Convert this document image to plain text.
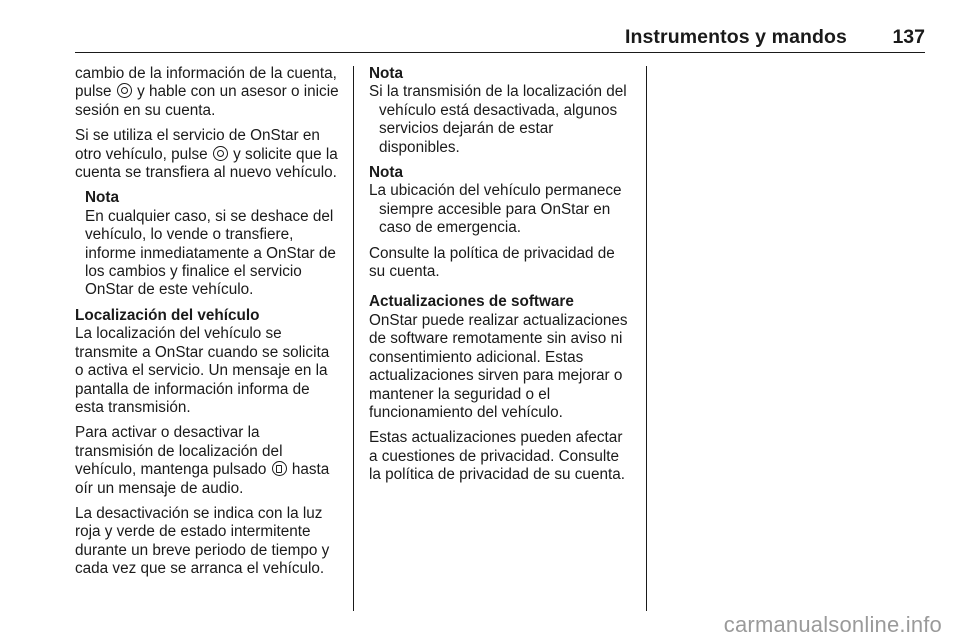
Instrumentos y mandos 137

cambio de la información de la cuenta, pulse  y hable con un asesor o inicie sesión en su cuenta.

Si se utiliza el servicio de OnStar en otro vehículo, pulse  y solicite que la cuenta se transfiera al nuevo vehículo.

Nota

En cualquier caso, si se deshace del vehículo, lo vende o transfiere, informe inmediatamente a OnStar de los cambios y finalice el servicio OnStar de este vehículo.

Localización del vehículo

La localización del vehículo se transmite a OnStar cuando se solicita o activa el servicio. Un mensaje en la pantalla de información informa de esta transmisión.

Para activar o desactivar la transmisión de localización del vehículo, mantenga pulsado  hasta oír un mensaje de audio.

La desactivación se indica con la luz roja y verde de estado intermitente durante un breve periodo de tiempo y cada vez que se arranca el vehículo.

Nota

Si la transmisión de la localización del vehículo está desactivada, algunos servicios dejarán de estar disponibles.

Nota

La ubicación del vehículo permanece siempre accesible para OnStar en caso de emergencia.

Consulte la política de privacidad de su cuenta.

Actualizaciones de software

OnStar puede realizar actualizaciones de software remotamente sin aviso ni consentimiento adicional. Estas actualizaciones sirven para mejorar o mantener la seguridad o el funcionamiento del vehículo.

Estas actualizaciones pueden afectar a cuestiones de privacidad. Consulte la política de privacidad de su cuenta.

carmanualsonline.info
